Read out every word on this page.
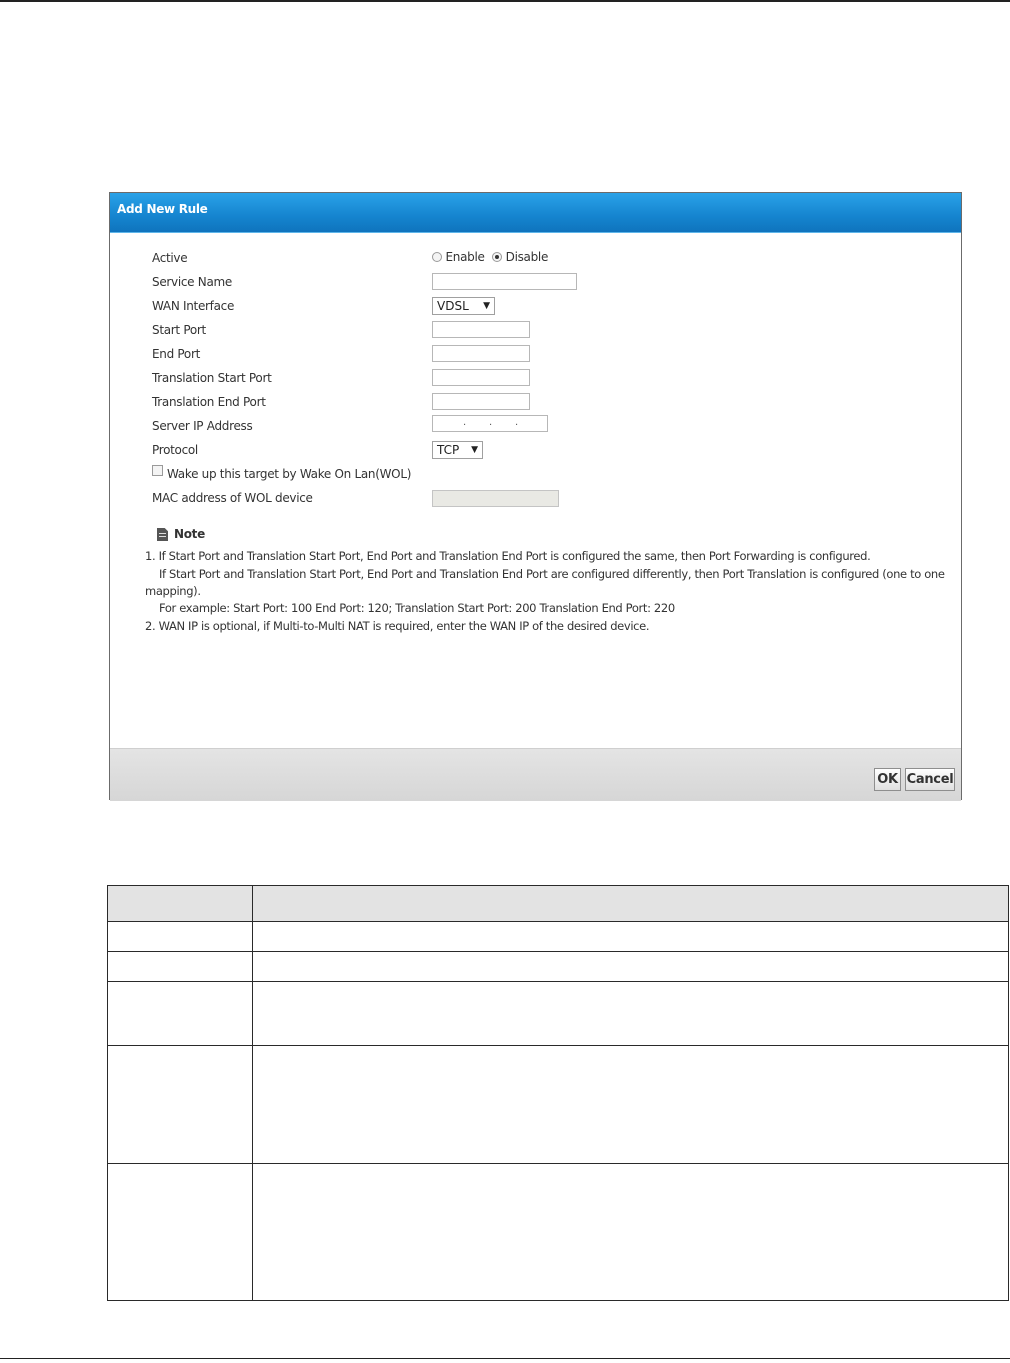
Add New Rule
Active	Enable Disable
Service Name
WAN Interface	VDSL ▼
Start Port
End Port
Translation Start Port
Translation End Port
Server IP Address	. . .
Protocol	TCP ▼
Wake up this target by Wake On Lan(WOL)
MAC address of WOL device
Note
1. If Start Port and Translation Start Port, End Port and Translation End Port is configured the same, then Port Forwarding is configured.
If Start Port and Translation Start Port, End Port and Translation End Port are configured differently, then Port Translation is configured (one to one
mapping).
For example: Start Port: 100 End Port: 120; Translation Start Port: 200 Translation End Port: 220
2. WAN IP is optional, if Multi-to-Multi NAT is required, enter the WAN IP of the desired device.
OK Cancel
